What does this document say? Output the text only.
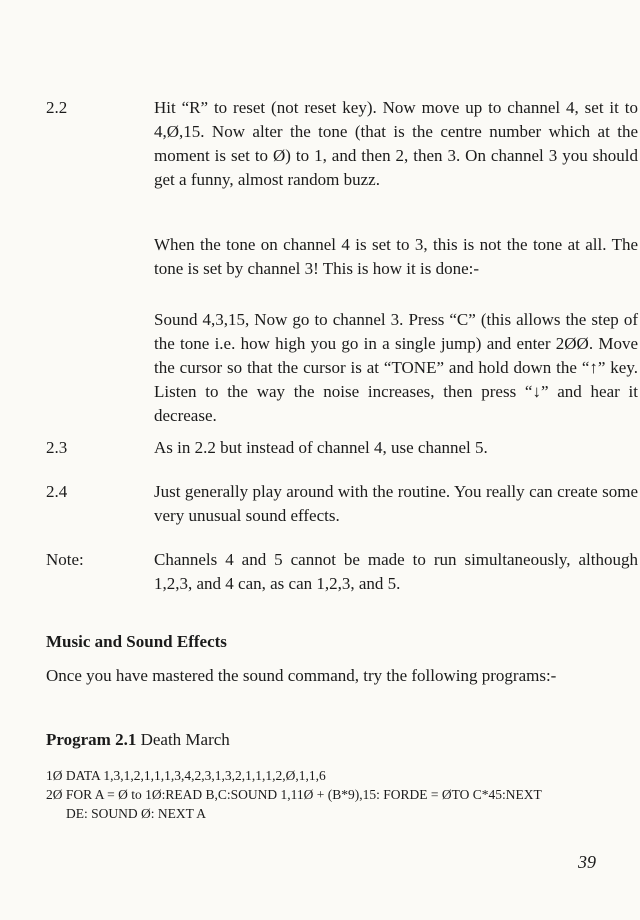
2.2	Hit “R” to reset (not reset key). Now move up to channel 4, set it to 4,Ø,15. Now alter the tone (that is the centre number which at the moment is set to Ø) to 1, and then 2, then 3. On channel 3 you should get a funny, almost random buzz.
When the tone on channel 4 is set to 3, this is not the tone at all. The tone is set by channel 3! This is how it is done:-
Sound 4,3,15, Now go to channel 3. Press “C” (this allows the step of the tone i.e. how high you go in a single jump) and enter 2ØØ. Move the cursor so that the cursor is at “TONE” and hold down the “↑” key. Listen to the way the noise increases, then press “↓” and hear it decrease.
2.3	As in 2.2 but instead of channel 4, use channel 5.
2.4	Just generally play around with the routine. You really can create some very unusual sound effects.
Note:	Channels 4 and 5 cannot be made to run simultaneously, although 1,2,3, and 4 can, as can 1,2,3, and 5.
Music and Sound Effects
Once you have mastered the sound command, try the following programs:-
Program 2.1 Death March
1Ø DATA 1,3,1,2,1,1,1,3,4,2,3,1,3,2,1,1,1,2,Ø,1,1,6
2Ø FOR A = Ø to 1Ø:READ B,C:SOUND 1,11Ø + (B*9),15: FORDE = ØTO C*45:NEXT
DE: SOUND Ø: NEXT A
39
